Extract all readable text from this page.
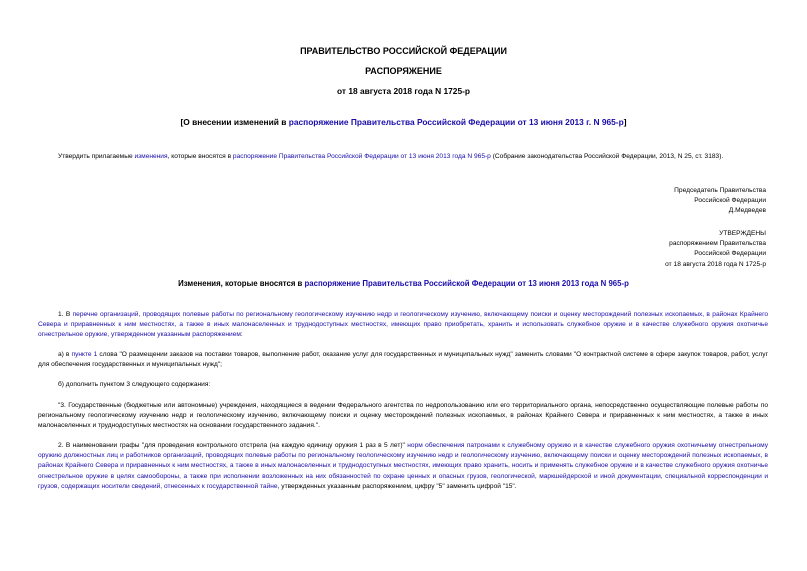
ПРАВИТЕЛЬСТВО РОССИЙСКОЙ ФЕДЕРАЦИИ
РАСПОРЯЖЕНИЕ
от 18 августа 2018 года N 1725-р
[О внесении изменений в распоряжение Правительства Российской Федерации от 13 июня 2013 г. N 965-р]
Утвердить прилагаемые изменения, которые вносятся в распоряжение Правительства Российской Федерации от 13 июня 2013 года N 965-р (Собрание законодательства Российской Федерации, 2013, N 25, ст. 3183).
Председатель Правительства
Российской Федерации
Д.Медведев
УТВЕРЖДЕНЫ
распоряжением Правительства
Российской Федерации
от 18 августа 2018 года N 1725-р
Изменения, которые вносятся в распоряжение Правительства Российской Федерации от 13 июня 2013 года N 965-р
1. В перечне организаций, проводящих полевые работы по региональному геологическому изучению недр и геологическому изучению, включающему поиски и оценку месторождений полезных ископаемых, в районах Крайнего Севера и приравненных к ним местностях, а также в иных малонаселенных и труднодоступных местностях, имеющих право приобретать, хранить и использовать служебное оружие и в качестве служебного оружия охотничье огнестрельное оружие, утвержденном указанным распоряжением:
а) в пункте 1 слова "О размещении заказов на поставки товаров, выполнение работ, оказание услуг для государственных и муниципальных нужд" заменить словами "О контрактной системе в сфере закупок товаров, работ, услуг для обеспечения государственных и муниципальных нужд";
б) дополнить пунктом 3 следующего содержания:
"3. Государственные (бюджетные или автономные) учреждения, находящиеся в ведении Федерального агентства по недропользованию или его территориального органа, непосредственно осуществляющие полевые работы по региональному геологическому изучению недр и геологическому изучению, включающему поиски и оценку месторождений полезных ископаемых, в районах Крайнего Севера и приравненных к ним местностях, а также в иных малонаселенных и труднодоступных местностях на основании государственного задания.".
2. В наименовании графы "для проведения контрольного отстрела (на каждую единицу оружия 1 раз в 5 лет)" норм обеспечения патронами к служебному оружию и в качестве служебного оружия охотничьему огнестрельному оружию должностных лиц и работников организаций, проводящих полевые работы по региональному геологическому изучению недр и геологическому изучению, включающему поиски и оценку месторождений полезных ископаемых, в районах Крайнего Севера и приравненных к ним местностях, а также в иных малонаселенных и труднодоступных местностях, имеющих право хранить, носить и применять служебное оружие и в качестве служебного оружия охотничье огнестрельное оружие в целях самообороны, а также при исполнении возложенных на них обязанностей по охране ценных и опасных грузов, геологической, маркшейдерской и иной документации, специальной корреспонденции и грузов, содержащих носители сведений, отнесенных к государственной тайне, утвержденных указанным распоряжением, цифру "5" заменить цифрой "15".
